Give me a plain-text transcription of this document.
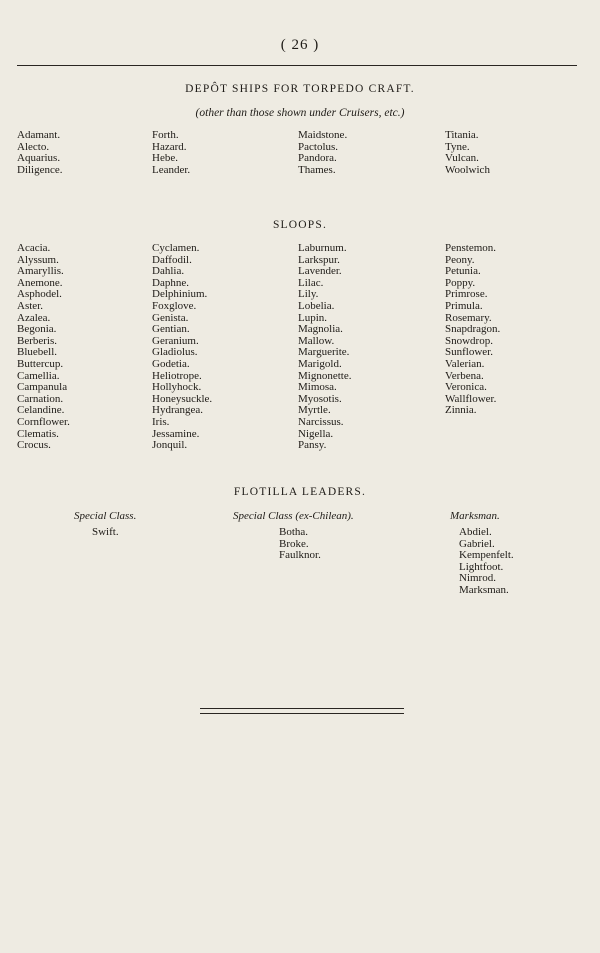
( 26 )
DEPÔT SHIPS FOR TORPEDO CRAFT.
(other than those shown under Cruisers, etc.)
Adamant.
Alecto.
Aquarius.
Diligence.
Forth.
Hazard.
Hebe.
Leander.
Maidstone.
Pactolus.
Pandora.
Thames.
Titania.
Tyne.
Vulcan.
Woolwich
SLOOPS.
Acacia.
Alyssum.
Amaryllis.
Anemone.
Asphodel.
Aster.
Azalea.
Begonia.
Berberis.
Bluebell.
Buttercup.
Camellia.
Campanula
Carnation.
Celandine.
Cornflower.
Clematis.
Crocus.
Cyclamen.
Daffodil.
Dahlia.
Daphne.
Delphinium.
Foxglove.
Genista.
Gentian.
Geranium.
Gladiolus.
Godetia.
Heliotrope.
Hollyhock.
Honeysuckle.
Hydrangea.
Iris.
Jessamine.
Jonquil.
Laburnum.
Larkspur.
Lavender.
Lilac.
Lily.
Lobelia.
Lupin.
Magnolia.
Mallow.
Marguerite.
Marigold.
Mignonette.
Mimosa.
Myosotis.
Myrtle.
Narcissus.
Nigella.
Pansy.
Penstemon.
Peony.
Petunia.
Poppy.
Primrose.
Primula.
Rosemary.
Snapdragon.
Snowdrop.
Sunflower.
Valerian.
Verbena.
Veronica.
Wallflower.
Zinnia.
FLOTILLA LEADERS.
Special Class.
Swift.
Special Class (ex-Chilean).
Botha.
Broke.
Faulknor.
Marksman.
Abdiel.
Gabriel.
Kempenfelt.
Lightfoot.
Nimrod.
Marksman.
